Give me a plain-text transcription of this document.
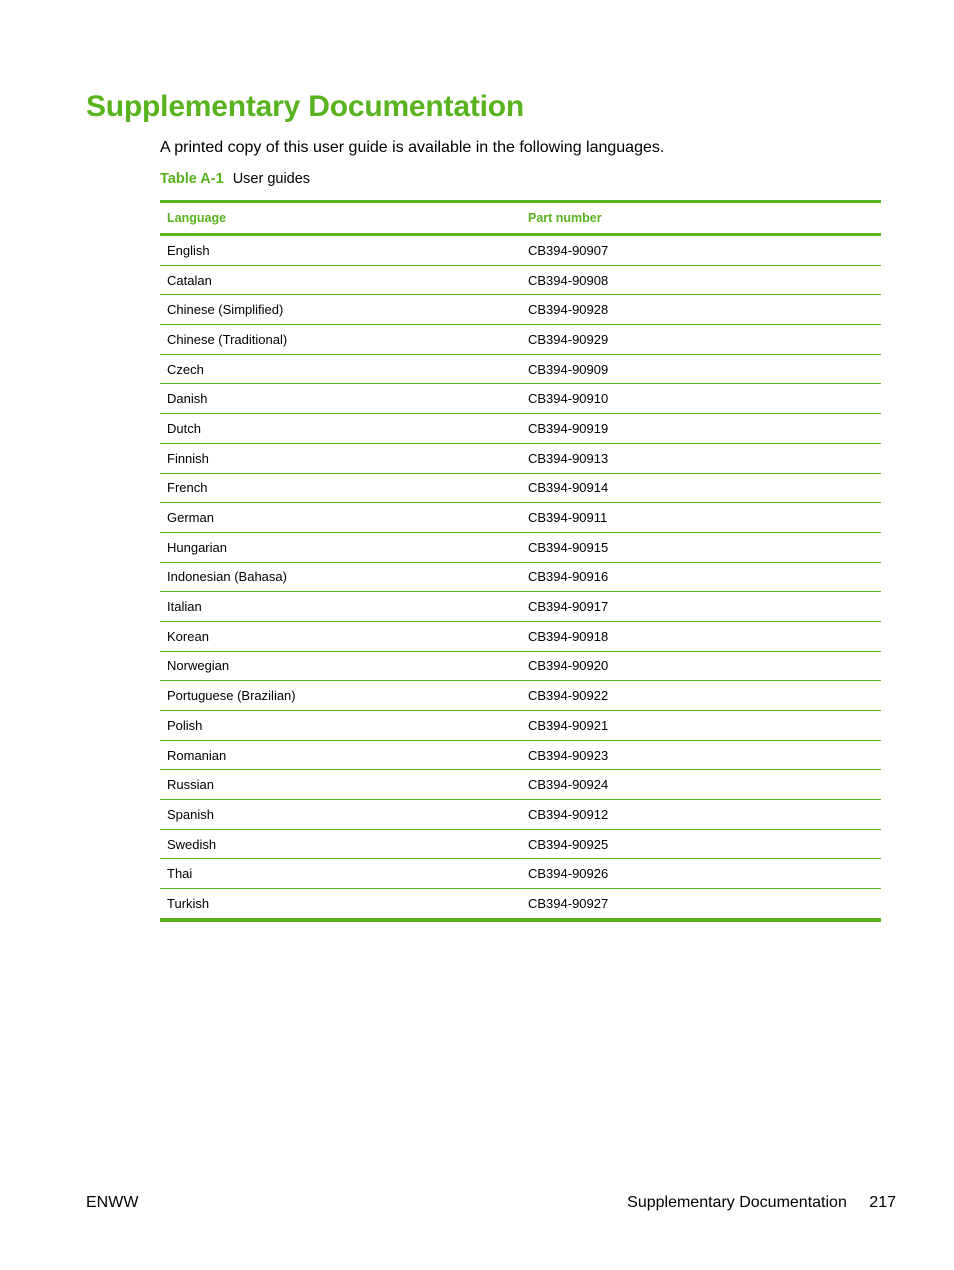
Supplementary Documentation

A printed copy of this user guide is available in the following languages.

Table A-1 User guides

Language	Part number
English	CB394-90907
Catalan	CB394-90908
Chinese (Simplified)	CB394-90928
Chinese (Traditional)	CB394-90929
Czech	CB394-90909
Danish	CB394-90910
Dutch	CB394-90919
Finnish	CB394-90913
French	CB394-90914
German	CB394-90911
Hungarian	CB394-90915
Indonesian (Bahasa)	CB394-90916
Italian	CB394-90917
Korean	CB394-90918
Norwegian	CB394-90920
Portuguese (Brazilian)	CB394-90922
Polish	CB394-90921
Romanian	CB394-90923
Russian	CB394-90924
Spanish	CB394-90912
Swedish	CB394-90925
Thai	CB394-90926
Turkish	CB394-90927

ENWW	Supplementary Documentation 217
